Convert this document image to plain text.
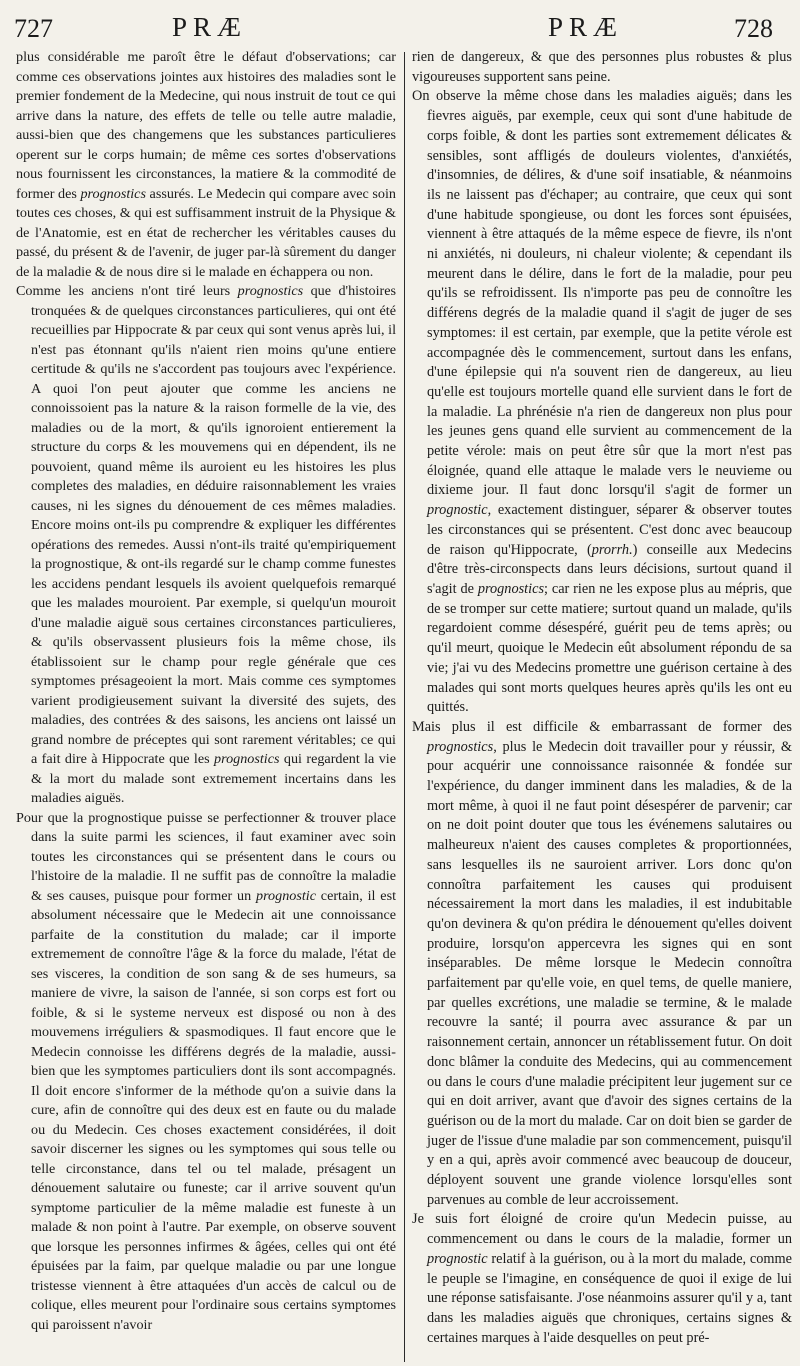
727	PRÆ	PRÆ	728

plus considérable me paroît être le défaut d'observations; car comme ces observations jointes aux histoires des maladies sont le premier fondement de la Medecine, qui nous instruit de tout ce qui arrive dans la nature, des effets de telle ou telle autre maladie, aussi-bien que des changemens que les substances particulieres operent sur le corps humain; de même ces sortes d'observations nous fournissent les circonstances, la matiere & la commodité de former des prognostics assurés. Le Medecin qui compare avec soin toutes ces choses, & qui est suffisamment instruit de la Physique & de l'Anatomie, est en état de rechercher les véritables causes du passé, du présent & de l'avenir, de juger par-là sûrement du danger de la maladie & de nous dire si le malade en échappera ou non.

Comme les anciens n'ont tiré leurs prognostics que d'histoires tronquées & de quelques circonstances particulieres, qui ont été recueillies par Hippocrate & par ceux qui sont venus après lui, il n'est pas étonnant qu'ils n'aient rien moins qu'une entiere certitude & qu'ils ne s'accordent pas toujours avec l'expérience. A quoi l'on peut ajouter que comme les anciens ne connoissoient pas la nature & la raison formelle de la vie, des maladies ou de la mort, & qu'ils ignoroient entierement la structure du corps & les mouvemens qui en dépendent, ils ne pouvoient, quand même ils auroient eu les histoires les plus completes des maladies, en déduire raisonnablement les vraies causes, ni les signes du dénouement de ces mêmes maladies. Encore moins ont-ils pu comprendre & expliquer les différentes opérations des remedes. Aussi n'ont-ils traité qu'empiriquement la prognostique, & ont-ils regardé sur le champ comme funestes les accidens pendant lesquels ils avoient quelquefois remarqué que les malades mouroient. Par exemple, si quelqu'un mouroit d'une maladie aiguë sous certaines circonstances particulieres, & qu'ils observassent plusieurs fois la même chose, ils établissoient sur le champ pour regle générale que ces symptomes présageoient la mort. Mais comme ces symptomes varient prodigieusement suivant la diversité des sujets, des maladies, des contrées & des saisons, les anciens ont laissé un grand nombre de préceptes qui sont rarement véritables; ce qui a fait dire à Hippocrate que les prognostics qui regardent la vie & la mort du malade sont extremement incertains dans les maladies aiguës.

Pour que la prognostique puisse se perfectionner & trouver place dans la suite parmi les sciences, il faut examiner avec soin toutes les circonstances qui se présentent dans le cours ou l'histoire de la maladie. Il ne suffit pas de connoître la maladie & ses causes, puisque pour former un prognostic certain, il est absolument nécessaire que le Medecin ait une connoissance parfaite de la constitution du malade; car il importe extremement de connoître l'âge & la force du malade, l'état de ses visceres, la condition de son sang & de ses humeurs, sa maniere de vivre, la saison de l'année, si son corps est fort ou foible, & si le systeme nerveux est disposé ou non à des mouvemens irréguliers & spasmodiques. Il faut encore que le Medecin connoisse les différens degrés de la maladie, aussi-bien que les symptomes particuliers dont ils sont accompagnés. Il doit encore s'informer de la méthode qu'on a suivie dans la cure, afin de connoître qui des deux est en faute ou du malade ou du Medecin. Ces choses exactement considérées, il doit savoir discerner les signes ou les symptomes qui sous telle ou telle circonstance, dans tel ou tel malade, présagent un dénouement salutaire ou funeste; car il arrive souvent qu'un symptome particulier de la même maladie est funeste à un malade & non point à l'autre. Par exemple, on observe souvent que lorsque les personnes infirmes & âgées, celles qui ont été épuisées par la faim, par quelque maladie ou par une longue tristesse viennent à être attaquées d'un accès de calcul ou de colique, elles meurent pour l'ordinaire sous certains symptomes qui paroissent n'avoir

rien de dangereux, & que des personnes plus robustes & plus vigoureuses supportent sans peine.

On observe la même chose dans les maladies aiguës; dans les fievres aiguës, par exemple, ceux qui sont d'une habitude de corps foible, & dont les parties sont extremement délicates & sensibles, sont affligés de douleurs violentes, d'anxiétés, d'insomnies, de délires, & d'une soif insatiable, & néanmoins ils ne laissent pas d'échaper; au contraire, que ceux qui sont d'une habitude spongieuse, ou dont les forces sont épuisées, viennent à être attaqués de la même espece de fievre, ils n'ont ni anxiétés, ni douleurs, ni chaleur violente; & cependant ils meurent dans le délire, dans le fort de la maladie, pour peu qu'ils se refroidissent. Ils n'importe pas peu de connoître les différens degrés de la maladie quand il s'agit de juger de ses symptomes: il est certain, par exemple, que la petite vérole est accompagnée dès le commencement, surtout dans les enfans, d'une épilepsie qui n'a souvent rien de dangereux, au lieu qu'elle est toujours mortelle quand elle survient dans le fort de la maladie. La phrénésie n'a rien de dangereux non plus pour les jeunes gens quand elle survient au commencement de la petite vérole: mais on peut être sûr que la mort n'est pas éloignée, quand elle attaque le malade vers le neuvieme ou dixieme jour. Il faut donc lorsqu'il s'agit de former un prognostic, exactement distinguer, séparer & observer toutes les circonstances qui se présentent. C'est donc avec beaucoup de raison qu'Hippocrate, (prorrh.) conseille aux Medecins d'être très-circonspects dans leurs décisions, surtout quand il s'agit de prognostics; car rien ne les expose plus au mépris, que de se tromper sur cette matiere; surtout quand un malade, qu'ils regardoient comme désespéré, guérit peu de tems après; ou qu'il meurt, quoique le Medecin eût absolument répondu de sa vie; j'ai vu des Medecins promettre une guérison certaine à des malades qui sont morts quelques heures après qu'ils les ont eu quittés.

Mais plus il est difficile & embarrassant de former des prognostics, plus le Medecin doit travailler pour y réussir, & pour acquérir une connoissance raisonnée & fondée sur l'expérience, du danger imminent dans les maladies, & de la mort même, à quoi il ne faut point désespérer de parvenir; car on ne doit point douter que tous les événemens salutaires ou malheureux n'aient des causes completes & proportionnées, sans lesquelles ils ne sauroient arriver. Lors donc qu'on connoîtra parfaitement les causes qui produisent nécessairement la mort dans les maladies, il est indubitable qu'on devinera & qu'on prédira le dénouement qu'elles doivent produire, lorsqu'on appercevra les signes qui en sont inséparables. De même lorsque le Medecin connoîtra parfaitement par qu'elle voie, en quel tems, de quelle maniere, par quelles excrétions, une maladie se termine, & le malade recouvre la santé; il pourra avec assurance & par un raisonnement certain, annoncer un rétablissement futur. On doit donc blâmer la conduite des Medecins, qui au commencement ou dans le cours d'une maladie précipitent leur jugement sur ce qui en doit arriver, avant que d'avoir des signes certains de la guérison ou de la mort du malade. Car on doit bien se garder de juger de l'issue d'une maladie par son commencement, puisqu'il y en a qui, après avoir commencé avec beaucoup de douceur, déployent souvent une grande violence lorsqu'elles sont parvenues au comble de leur accroissement.

Je suis fort éloigné de croire qu'un Medecin puisse, au commencement ou dans le cours de la maladie, former un prognostic relatif à la guérison, ou à la mort du malade, comme le peuple se l'imagine, en conséquence de quoi il exige de lui une réponse satisfaisante. J'ose néanmoins assurer qu'il y a, tant dans les maladies aiguës que chroniques, certains signes & certaines marques à l'aide desquelles on peut pré-
